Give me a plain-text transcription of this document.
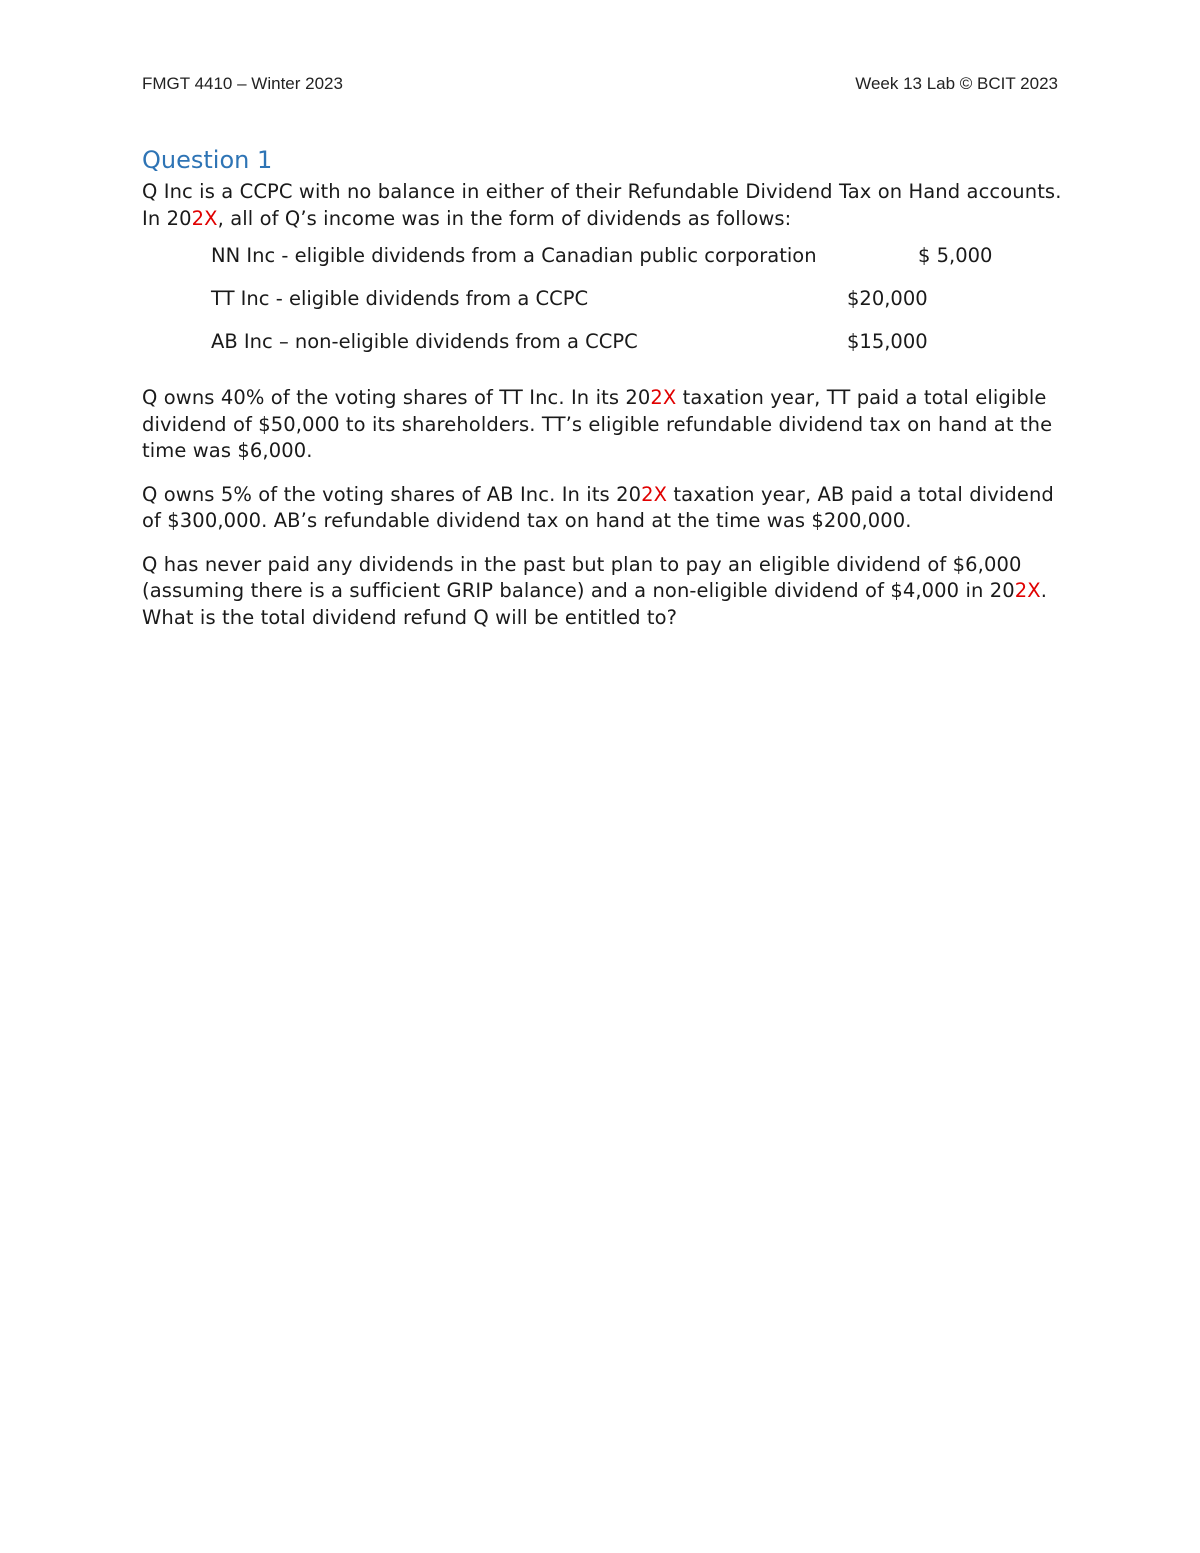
FMGT 4410 – Winter 2023	Week 13 Lab © BCIT 2023
Question 1

Q Inc is a CCPC with no balance in either of their Refundable Dividend Tax on Hand accounts. In 202X, all of Q’s income was in the form of dividends as follows:

NN Inc - eligible dividends from a Canadian public corporation	$ 5,000
TT Inc - eligible dividends from a CCPC	$20,000
AB Inc – non-eligible dividends from a CCPC	$15,000

Q owns 40% of the voting shares of TT Inc. In its 202X taxation year, TT paid a total eligible dividend of $50,000 to its shareholders. TT’s eligible refundable dividend tax on hand at the time was $6,000.

Q owns 5% of the voting shares of AB Inc. In its 202X taxation year, AB paid a total dividend of $300,000. AB’s refundable dividend tax on hand at the time was $200,000.

Q has never paid any dividends in the past but plan to pay an eligible dividend of $6,000 (assuming there is a sufficient GRIP balance) and a non-eligible dividend of $4,000 in 202X. What is the total dividend refund Q will be entitled to?
